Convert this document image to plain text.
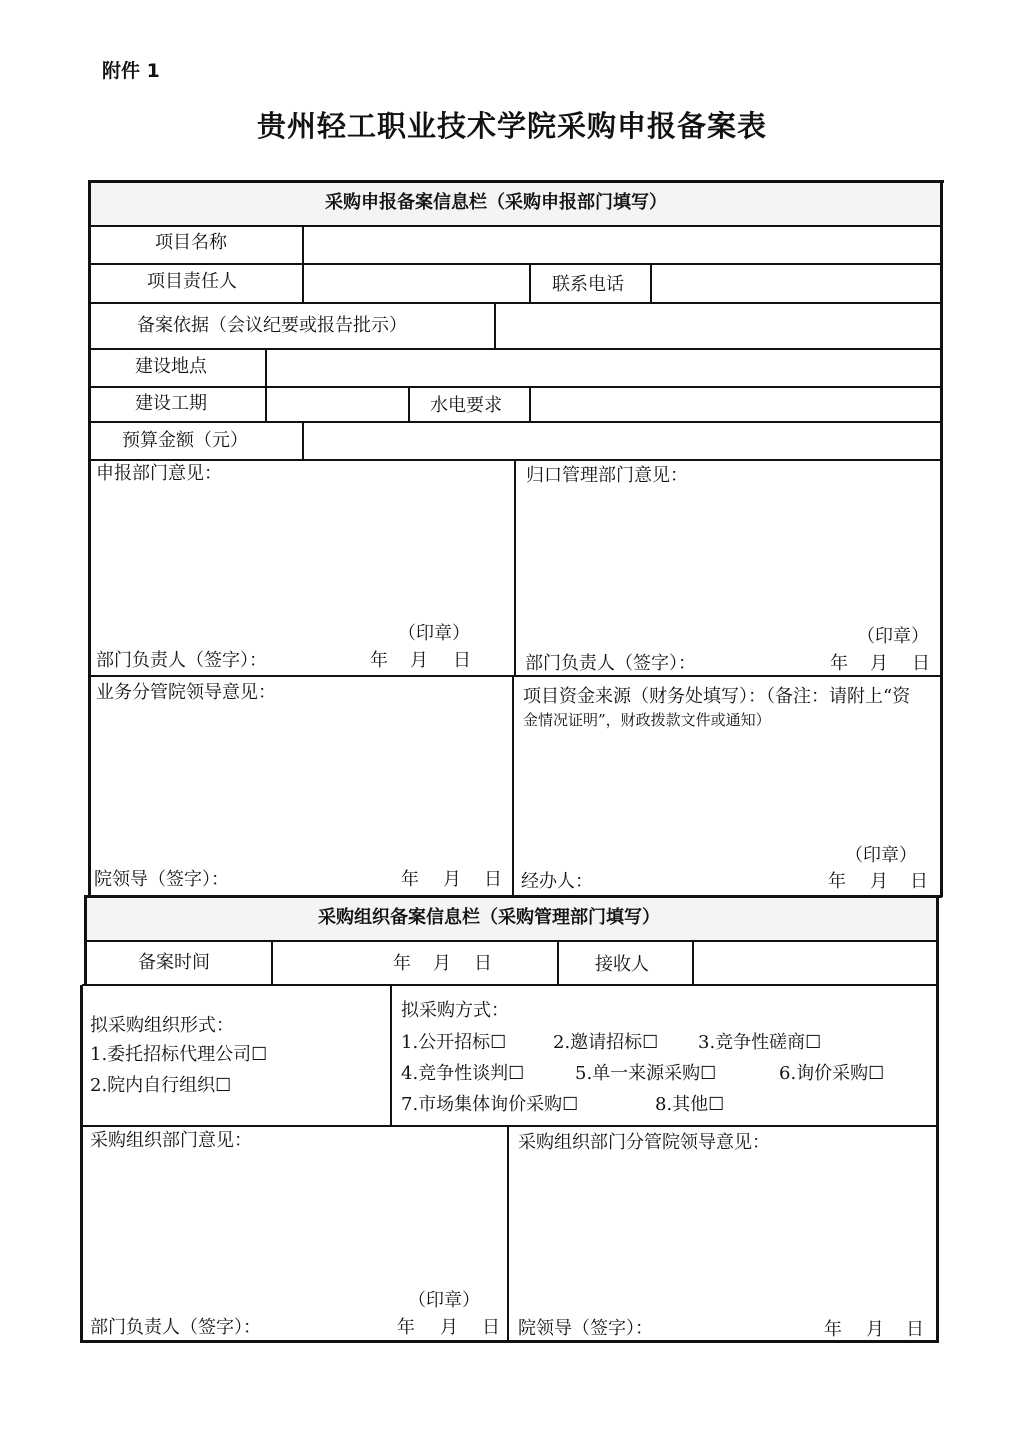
附件 1
贵州轻工职业技术学院采购申报备案表
采购申报备案信息栏（采购申报部门填写）
项目名称
项目责任人	联系电话
备案依据（会议纪要或报告批示）
建设地点
建设工期	水电要求
预算金额（元）
申报部门意见：	归口管理部门意见：
（印章）
部门负责人（签字）：	年 月 日
（印章）
部门负责人（签字）：	年 月 日
业务分管院领导意见：	项目资金来源（财务处填写）：（备注：请附上“资
金情况证明”，财政拨款文件或通知）
院领导（签字）：	年 月 日
（印章）
经办人：	年 月 日
采购组织备案信息栏（采购管理部门填写）
备案时间	年 月 日	接收人
拟采购组织形式：
1.委托招标代理公司☐
2.院内自行组织☐
拟采购方式：
1.公开招标☐	2.邀请招标☐ 3.竞争性磋商☐
4.竞争性谈判☐	5.单一来源采购☐	6.询价采购☐
7.市场集体询价采购☐	8.其他☐
采购组织部门意见：	采购组织部门分管院领导意见：
（印章）
部门负责人（签字）：	年 月 日 院领导（签字）：	年 月 日
